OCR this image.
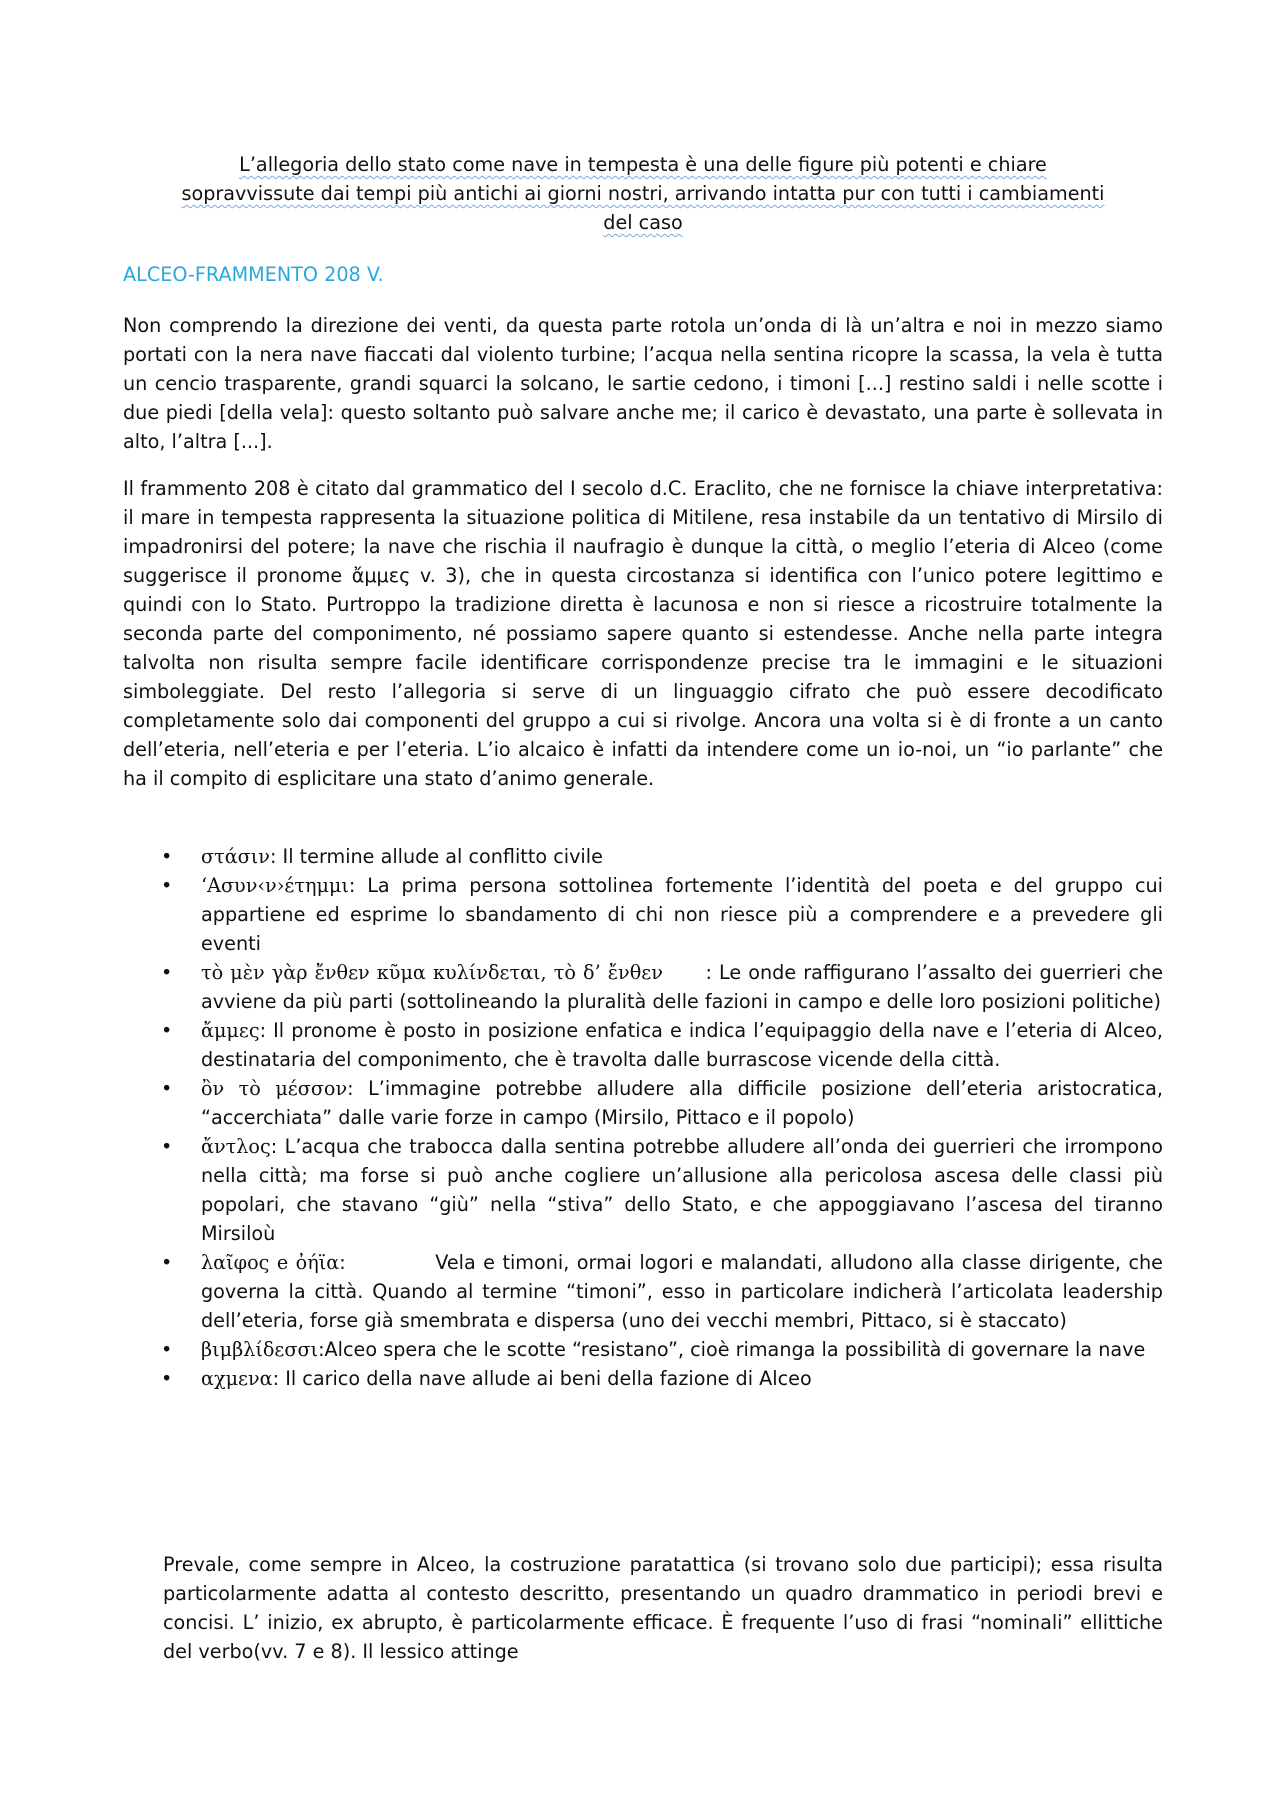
L’allegoria dello stato come nave in tempesta è una delle figure più potenti e chiare
sopravvissute dai tempi più antichi ai giorni nostri, arrivando intatta pur con tutti i cambiamenti
del caso
ALCEO-FRAMMENTO 208 V.

Non comprendo la direzione dei venti, da questa parte rotola un’onda di là un’altra e noi in mezzo siamo portati con la nera nave fiaccati dal violento turbine; l’acqua nella sentina ricopre la scassa, la vela è tutta un cencio trasparente, grandi squarci la solcano, le sartie cedono, i timoni [...] restino saldi i nelle scotte i due piedi [della vela]: questo soltanto può salvare anche me; il carico è devastato, una parte è sollevata in alto, l’altra [...].

Il frammento 208 è citato dal grammatico del I secolo d.C. Eraclito, che ne fornisce la chiave interpretativa: il mare in tempesta rappresenta la situazione politica di Mitilene, resa instabile da un tentativo di Mirsilo di impadronirsi del potere; la nave che rischia il naufragio è dunque la città, o meglio l’eteria di Alceo (come suggerisce il pronome ἄμμες v. 3), che in questa circostanza si identifica con l’unico potere legittimo e quindi con lo Stato. Purtroppo la tradizione diretta è lacunosa e non si riesce a ricostruire totalmente la seconda parte del componimento, né possiamo sapere quanto si estendesse. Anche nella parte integra talvolta non risulta sempre facile identificare corrispondenze precise tra le immagini e le situazioni simboleggiate. Del resto l’allegoria si serve di un linguaggio cifrato che può essere decodificato completamente solo dai componenti del gruppo a cui si rivolge. Ancora una volta si è di fronte a un canto dell’eteria, nell’eteria e per l’eteria. L’io alcaico è infatti da intendere come un io-noi, un “io parlante” che ha il compito di esplicitare una stato d’animo generale.

• στάσιν: Il termine allude al conflitto civile
• ‘Ασυν‹ν›έτημμι: La prima persona sottolinea fortemente l’identità del poeta e del gruppo cui appartiene ed esprime lo sbandamento di chi non riesce più a comprendere e a prevedere gli eventi
• τὸ μὲν γὰρ ἔνθεν κῦμα κυλίνδεται, τὸ δ’ ἔνθεν      : Le onde raffigurano l’assalto dei guerrieri che avviene da più parti (sottolineando la pluralità delle fazioni in campo e delle loro posizioni politiche)
• ἄμμες: Il pronome è posto in posizione enfatica e indica l’equipaggio della nave e l’eteria di Alceo, destinataria del componimento, che è travolta dalle burrascose vicende della città.
• ὂν τὸ μέσσον: L’immagine potrebbe alludere alla difficile posizione dell’eteria aristocratica, “accerchiata” dalle varie forze in campo (Mirsilo, Pittaco e il popolo)
• ἄντλος: L’acqua che trabocca dalla sentina potrebbe alludere all’onda dei guerrieri che irrompono nella città; ma forse si può anche cogliere un’allusione alla pericolosa ascesa delle classi più popolari, che stavano “giù” nella “stiva” dello Stato, e che appoggiavano l’ascesa del tiranno Mirsiloù
• λαῖφος e ὀήϊα:            Vela e timoni, ormai logori e malandati, alludono alla classe dirigente, che governa la città. Quando al termine “timoni”, esso in particolare indicherà l’articolata leadership dell’eteria, forse già smembrata e dispersa (uno dei vecchi membri, Pittaco, si è staccato)
• βιμβλίδεσσι:Alceo spera che le scotte “resistano”, cioè rimanga la possibilità di governare la nave
• αχμενα: Il carico della nave allude ai beni della fazione di Alceo

Prevale, come sempre in Alceo, la costruzione paratattica (si trovano solo due participi); essa risulta particolarmente adatta al contesto descritto, presentando un quadro drammatico in periodi brevi e concisi. L’ inizio, ex abrupto, è particolarmente efficace. È frequente l’uso di frasi “nominali” ellittiche del verbo(vv. 7 e 8). Il lessico attinge
